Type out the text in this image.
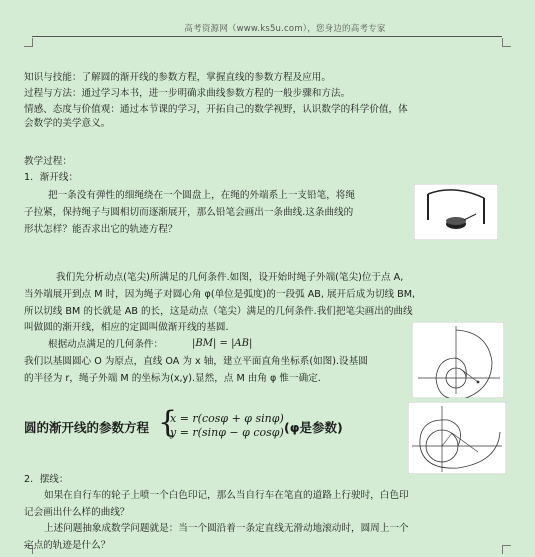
高考资源网（www.ks5u.com），您身边的高考专家
知识与技能：了解圆的渐开线的参数方程，掌握直线的参数方程及应用。
过程与方法：通过学习本书，进一步明确求曲线参数方程的一般步骤和方法。
情感、态度与价值观：通过本节课的学习，开拓自己的数学视野，认识数学的科学价值，体
会数学的美学意义。
教学过程：
1．渐开线：
把一条没有弹性的细绳绕在一个圆盘上，在绳的外端系上一支铅笔，将绳
子拉紧，保持绳子与圆相切而逐渐展开，那么铅笔会画出一条曲线.这条曲线的
形状怎样？能否求出它的轨迹方程？
我们先分析动点(笔尖)所满足的几何条件.如图，设开始时绳子外端(笔尖)位于点 A,
当外端展开到点 M 时，因为绳子对圆心角 φ(单位是弧度)的一段弧 AB, 展开后成为切线 BM,
所以切线 BM 的长就是 AB 的长，这是动点（笔尖）满足的几何条件.我们把笔尖画出的曲线
叫做圆的渐开线，相应的定圆叫做渐开线的基圆．
根据动点满足的几何条件：	|BM| = |AB|
我们以基圆圆心 O 为原点，直线 OA 为 x 轴，建立平面直角坐标系(如图).设基圆
的半径为 r，绳子外端 M 的坐标为(x,y).显然，点 M 由角 φ 惟一确定．
圆的渐开线的参数方程 {
x = r(cosφ + φ sinφ)
y = r(sinφ − φ cosφ) (φ是参数)
2．摆线：
如果在自行车的轮子上喷一个白色印记，那么当自行车在笔直的道路上行驶时，白色印
记会画出什么样的曲线？
上述问题抽象成数学问题就是：当一个圆沿着一条定直线无滑动地滚动时，圆周上一个
定点的轨迹是什么？
